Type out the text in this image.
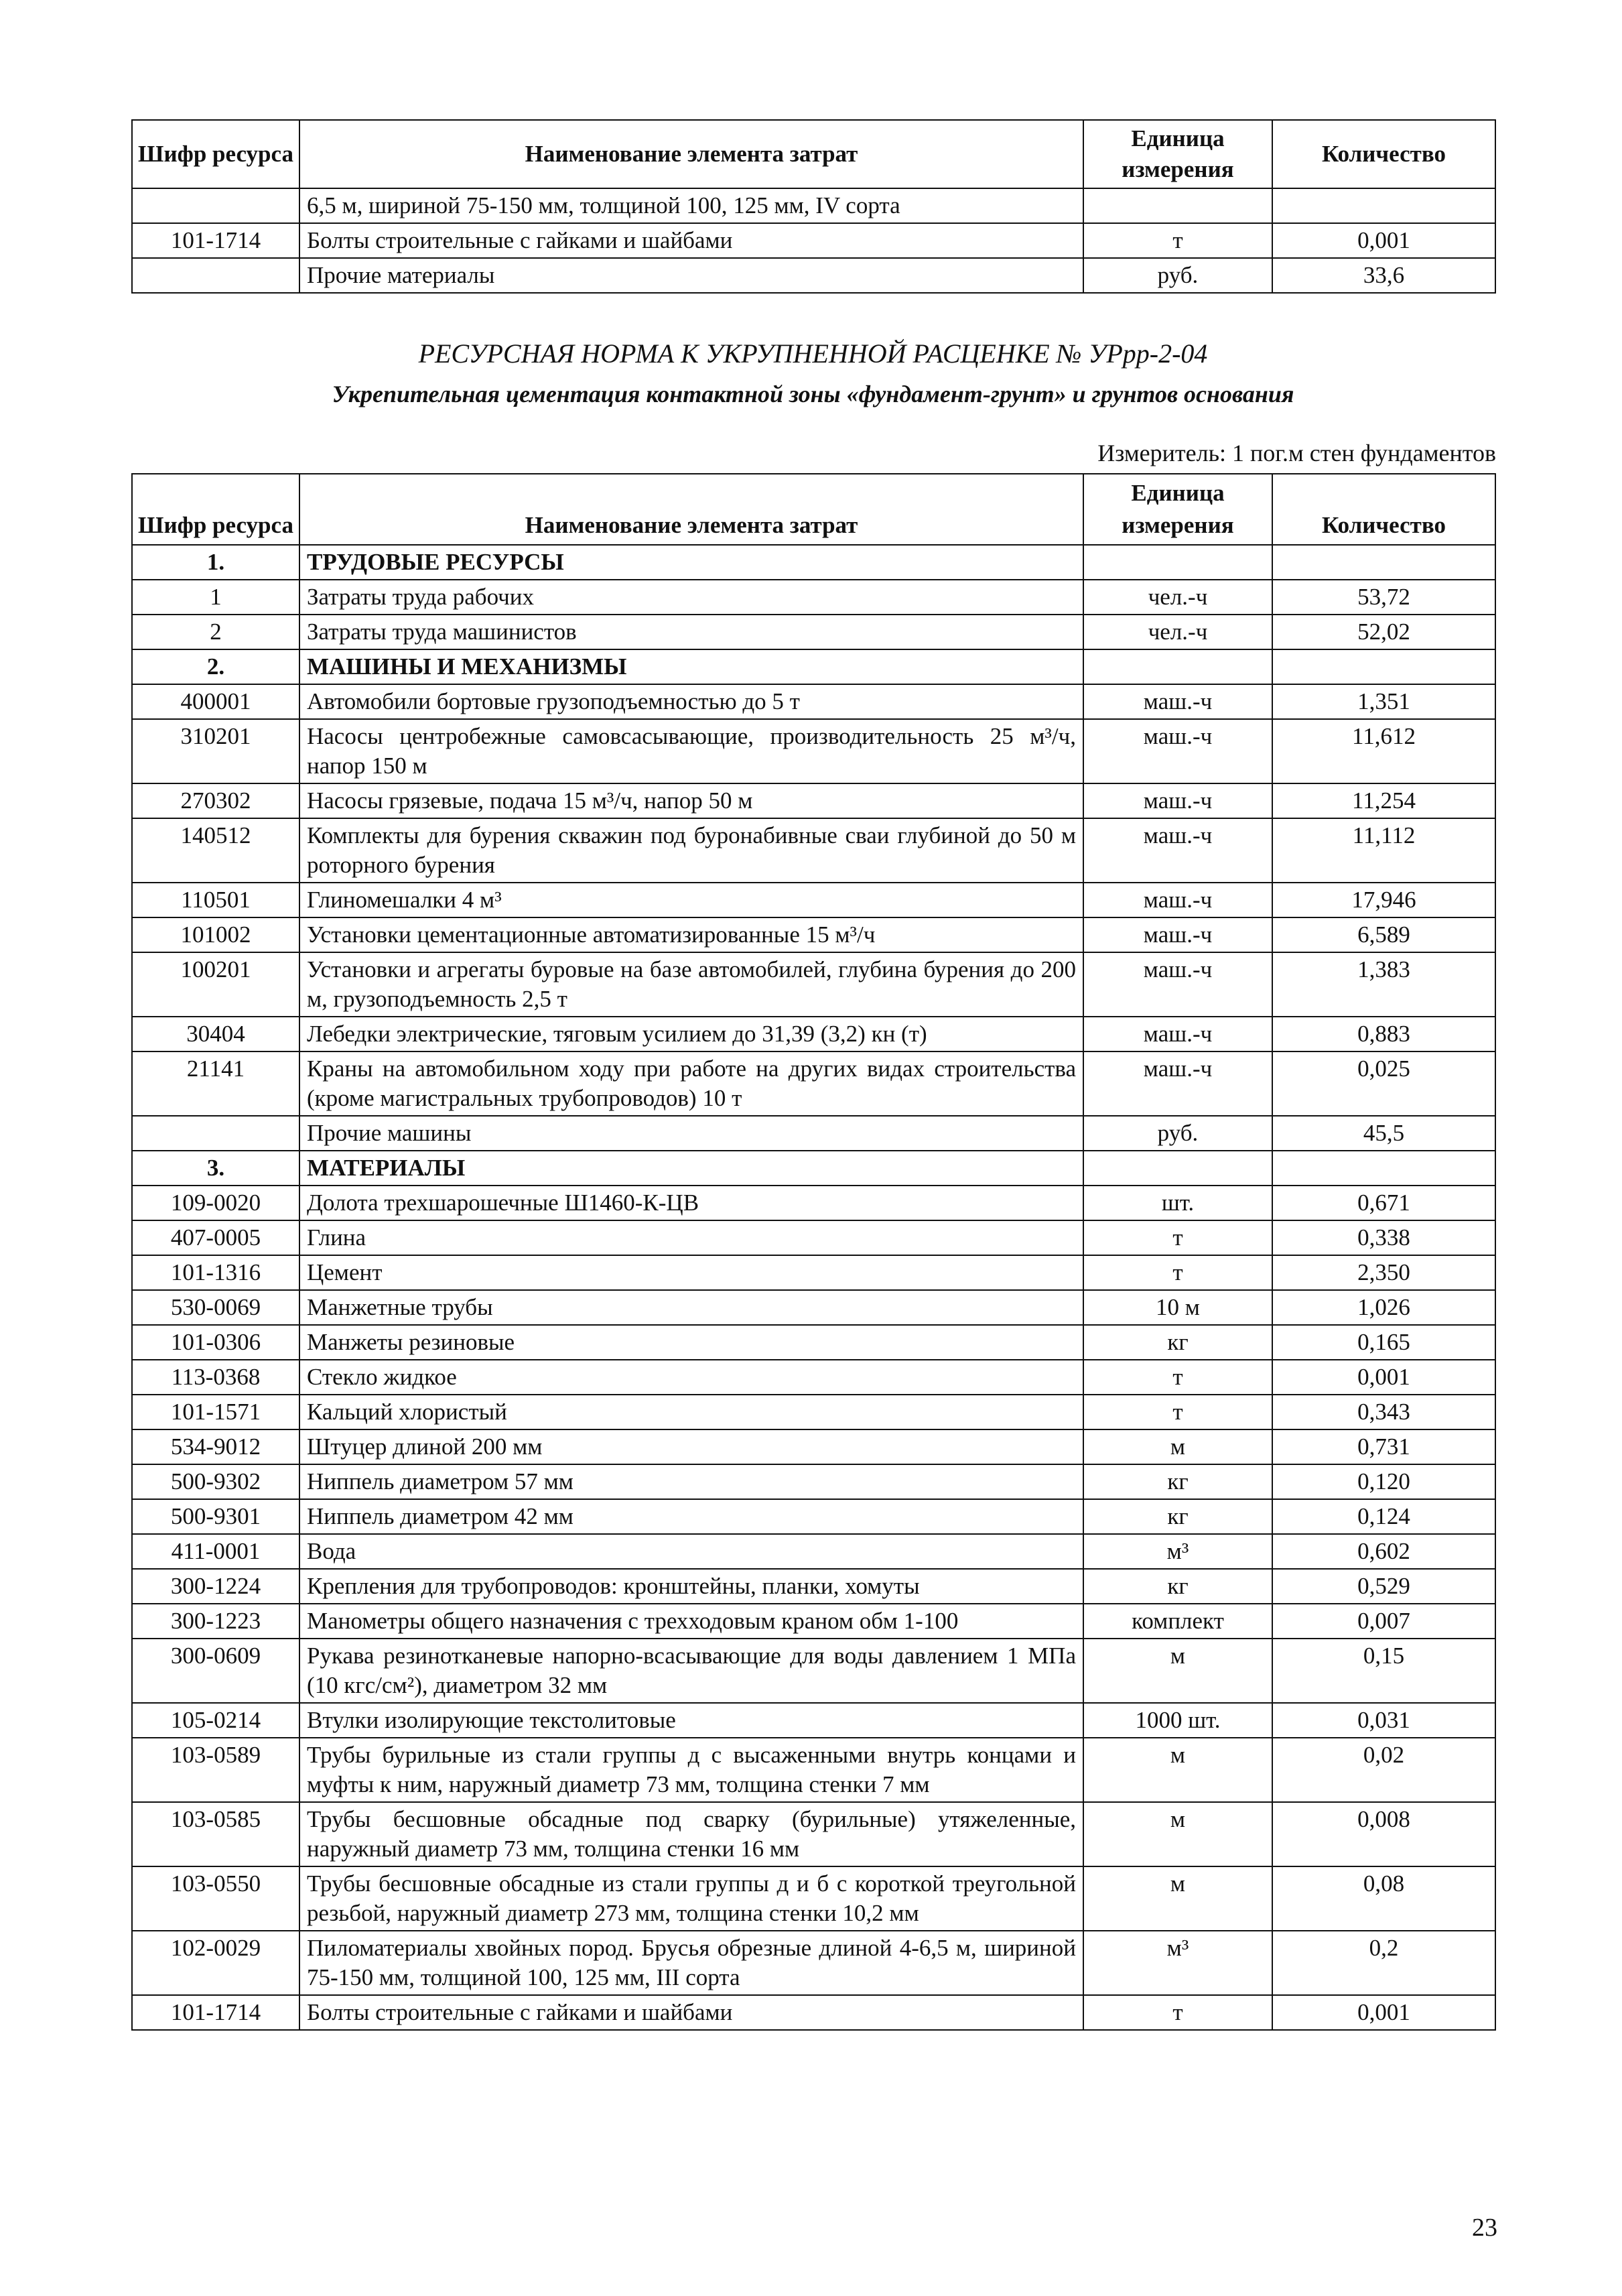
Шифр ресурса	Наименование элемента затрат	Единица измерения	Количество
	6,5 м, шириной 75-150 мм, толщиной 100, 125 мм, IV сорта		
101-1714	Болты строительные с гайками и шайбами	т	0,001
	Прочие материалы	руб.	33,6
РЕСУРСНАЯ НОРМА К УКРУПНЕННОЙ РАСЦЕНКЕ № УРрр-2-04
Укрепительная цементация контактной зоны «фундамент-грунт» и грунтов основания
Измеритель: 1 пог.м стен фундаментов
Шифр ресурса	Наименование элемента затрат	Единица измерения	Количество
1.	ТРУДОВЫЕ РЕСУРСЫ		
1	Затраты труда рабочих	чел.-ч	53,72
2	Затраты труда машинистов	чел.-ч	52,02
2.	МАШИНЫ И МЕХАНИЗМЫ		
400001	Автомобили бортовые грузоподъемностью до 5 т	маш.-ч	1,351
310201	Насосы центробежные самовсасывающие, производительность 25 м³/ч, напор 150 м	маш.-ч	11,612
270302	Насосы грязевые, подача 15 м³/ч, напор 50 м	маш.-ч	11,254
140512	Комплекты для бурения скважин под буронабивные сваи глубиной до 50 м роторного бурения	маш.-ч	11,112
110501	Глиномешалки 4 м³	маш.-ч	17,946
101002	Установки цементационные автоматизированные 15 м³/ч	маш.-ч	6,589
100201	Установки и агрегаты буровые на базе автомобилей, глубина бурения до 200 м, грузоподъемность 2,5 т	маш.-ч	1,383
30404	Лебедки электрические, тяговым усилием до 31,39 (3,2) кн (т)	маш.-ч	0,883
21141	Краны на автомобильном ходу при работе на других видах строительства (кроме магистральных трубопроводов) 10 т	маш.-ч	0,025
	Прочие машины	руб.	45,5
3.	МАТЕРИАЛЫ		
109-0020	Долота трехшарошечные Ш1460-К-ЦВ	шт.	0,671
407-0005	Глина	т	0,338
101-1316	Цемент	т	2,350
530-0069	Манжетные трубы	10 м	1,026
101-0306	Манжеты резиновые	кг	0,165
113-0368	Стекло жидкое	т	0,001
101-1571	Кальций хлористый	т	0,343
534-9012	Штуцер длиной 200 мм	м	0,731
500-9302	Ниппель диаметром 57 мм	кг	0,120
500-9301	Ниппель диаметром 42 мм	кг	0,124
411-0001	Вода	м³	0,602
300-1224	Крепления для трубопроводов: кронштейны, планки, хомуты	кг	0,529
300-1223	Манометры общего назначения с трехходовым краном обм 1-100	комплект	0,007
300-0609	Рукава резинотканевые напорно-всасывающие для воды давлением 1 МПа (10 кгс/см²), диаметром 32 мм	м	0,15
105-0214	Втулки изолирующие текстолитовые	1000 шт.	0,031
103-0589	Трубы бурильные из стали группы д с высаженными внутрь концами и муфты к ним, наружный диаметр 73 мм, толщина стенки 7 мм	м	0,02
103-0585	Трубы бесшовные обсадные под сварку (бурильные) утяжеленные, наружный диаметр 73 мм, толщина стенки 16 мм	м	0,008
103-0550	Трубы бесшовные обсадные из стали группы д и б с короткой треугольной резьбой, наружный диаметр 273 мм, толщина стенки 10,2 мм	м	0,08
102-0029	Пиломатериалы хвойных пород. Брусья обрезные длиной 4-6,5 м, шириной 75-150 мм, толщиной 100, 125 мм, III сорта	м³	0,2
101-1714	Болты строительные с гайками и шайбами	т	0,001
23
